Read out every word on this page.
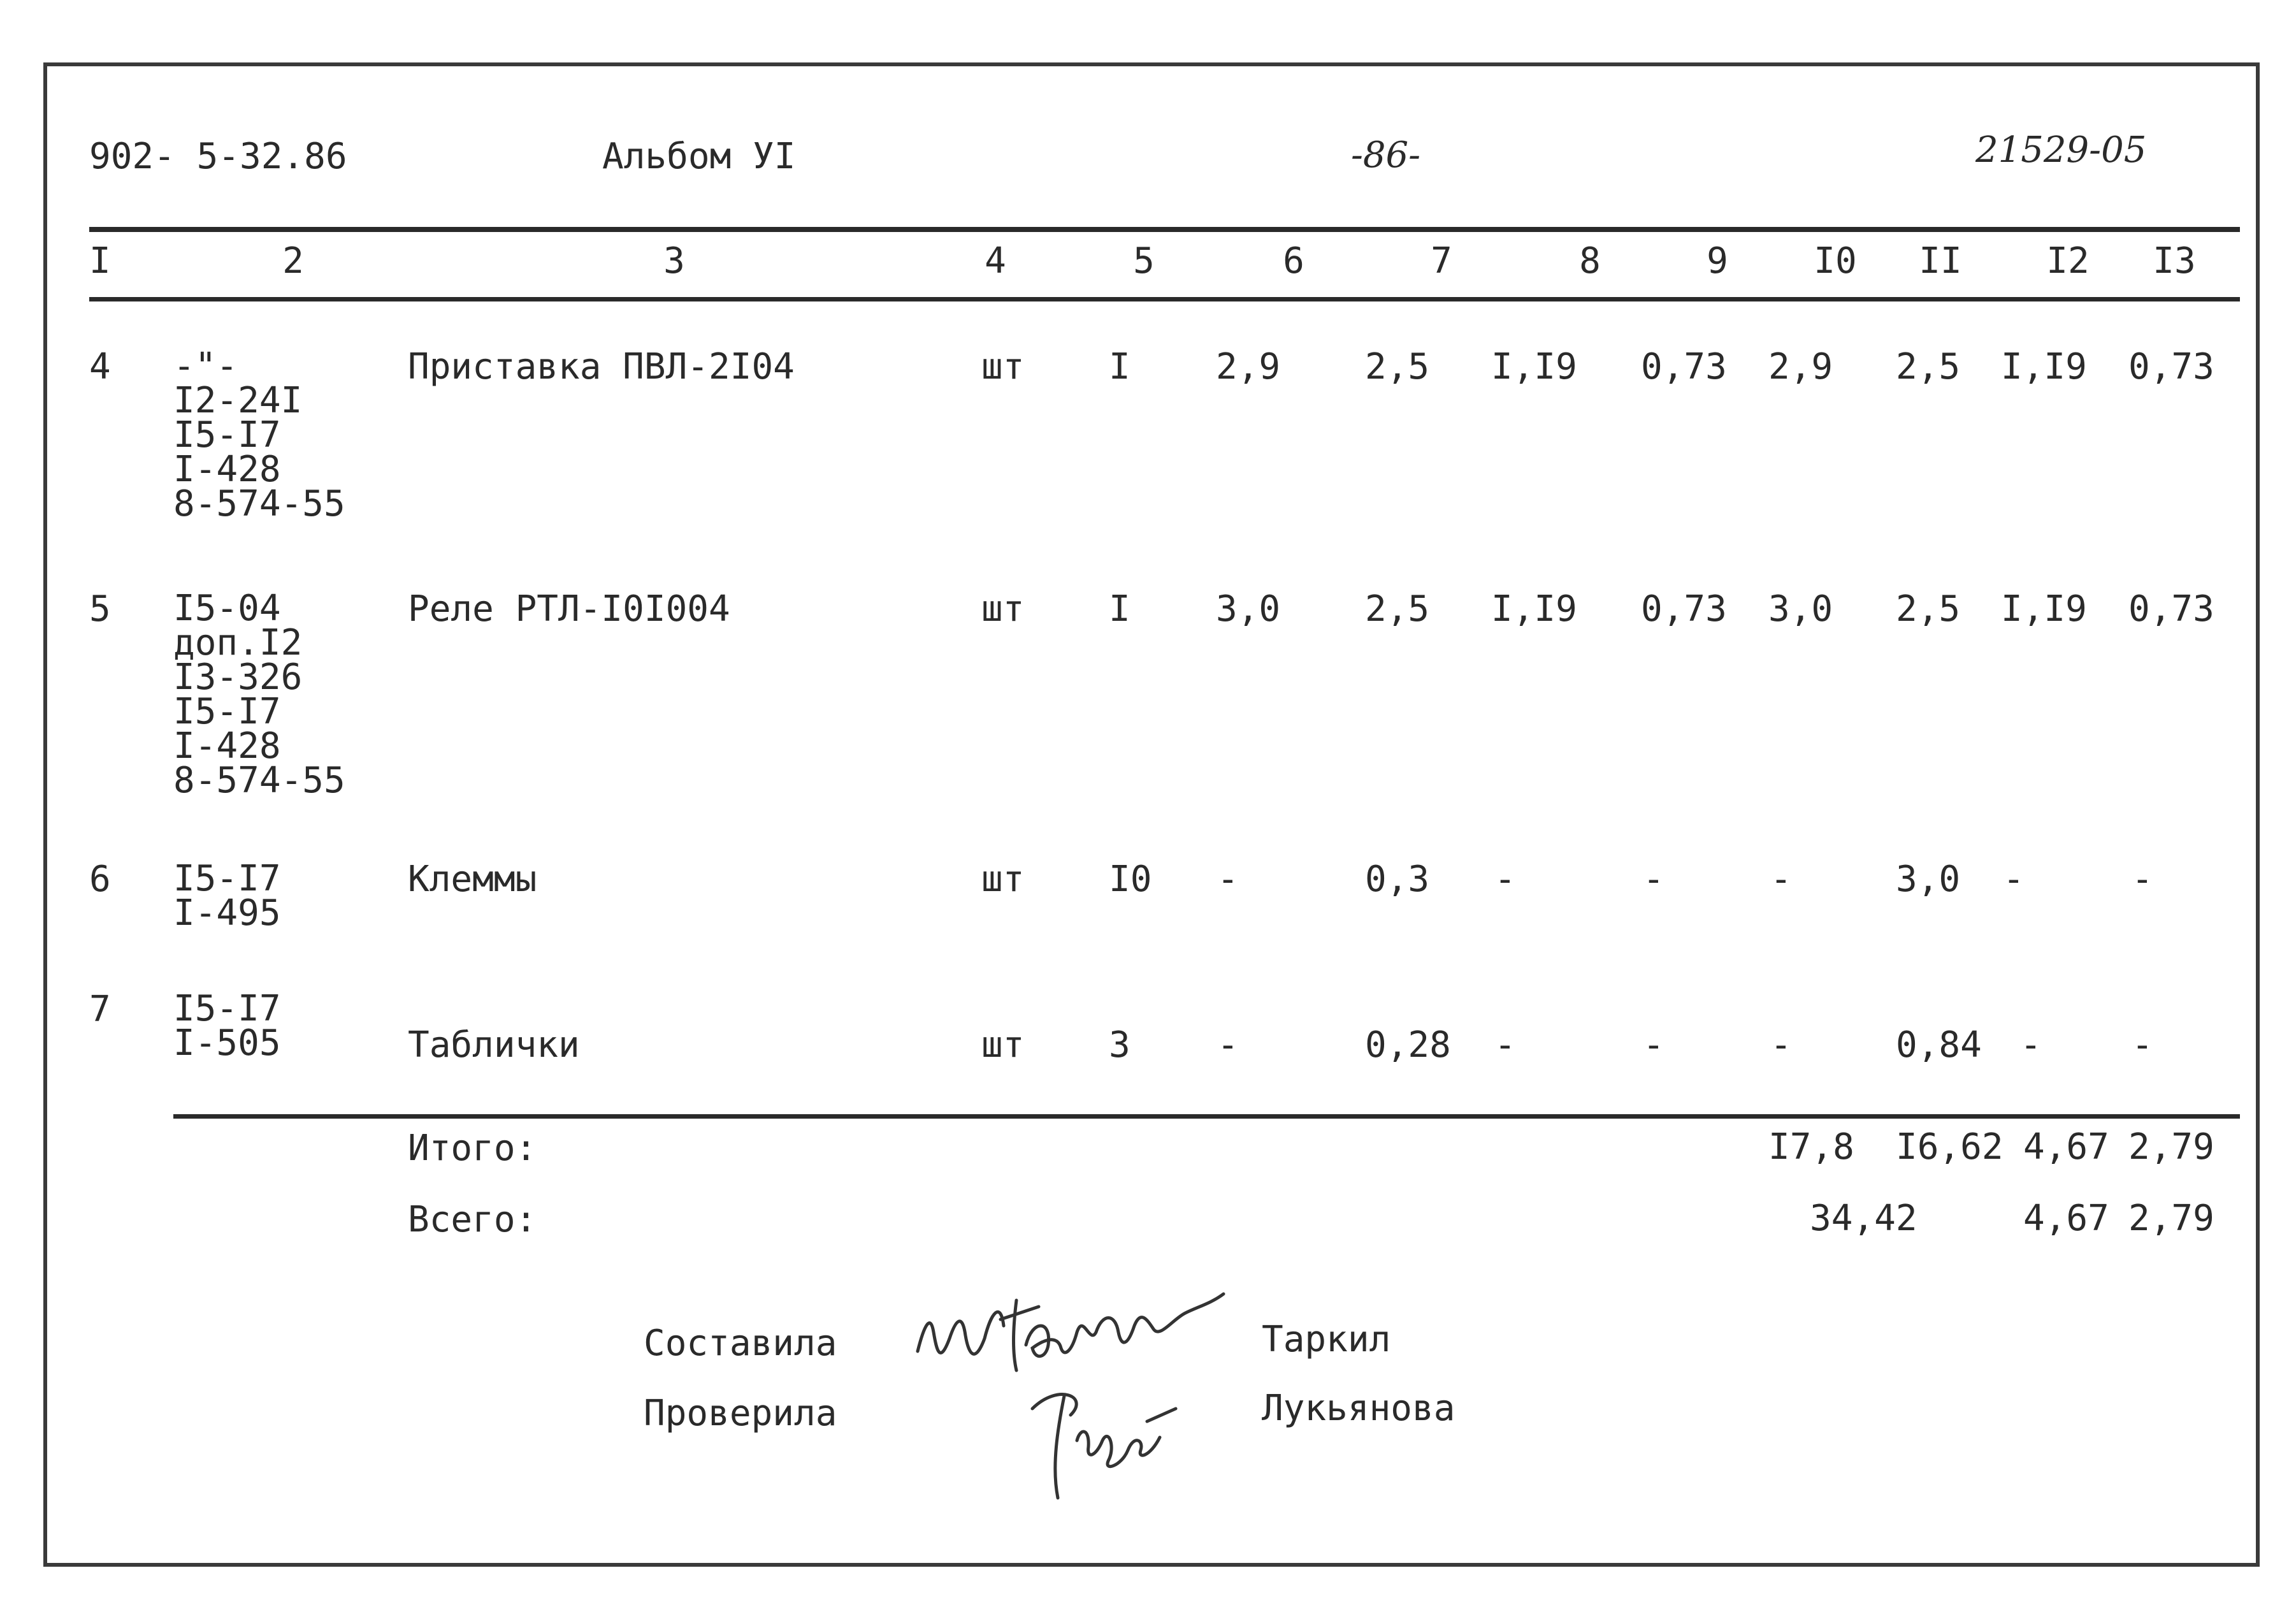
902- 5-32.86	Альбом УI	-86-	21529-05
I	2	3	4	5	6	7	8	9 I0 II I2 I3
4 -"-
I2-24I
I5-I7
I-428
8-574-55
Приставка ПВЛ-2I04	шт I 2,9 2,5 I,I9 0,73 2,9 2,5 I,I9 0,73
5 I5-04
доп.I2
I3-326
I5-I7
I-428
8-574-55
Реле РТЛ-I0I004	шт I 3,0 2,5 I,I9 0,73 3,0 2,5 I,I9 0,73
6 I5-I7
I-495
Клеммы	шт I0 -	0,3 -	-	-	3,0 -	-
7 I5-I7
I-505	Таблички	шт 3 -	0,28 -	-	-	0,84 -	-
Итого:	I7,8 I6,62 4,67 2,79
Всего:	34,42	4,67 2,79
Составила
Проверила
Таркил
Лукьянова
